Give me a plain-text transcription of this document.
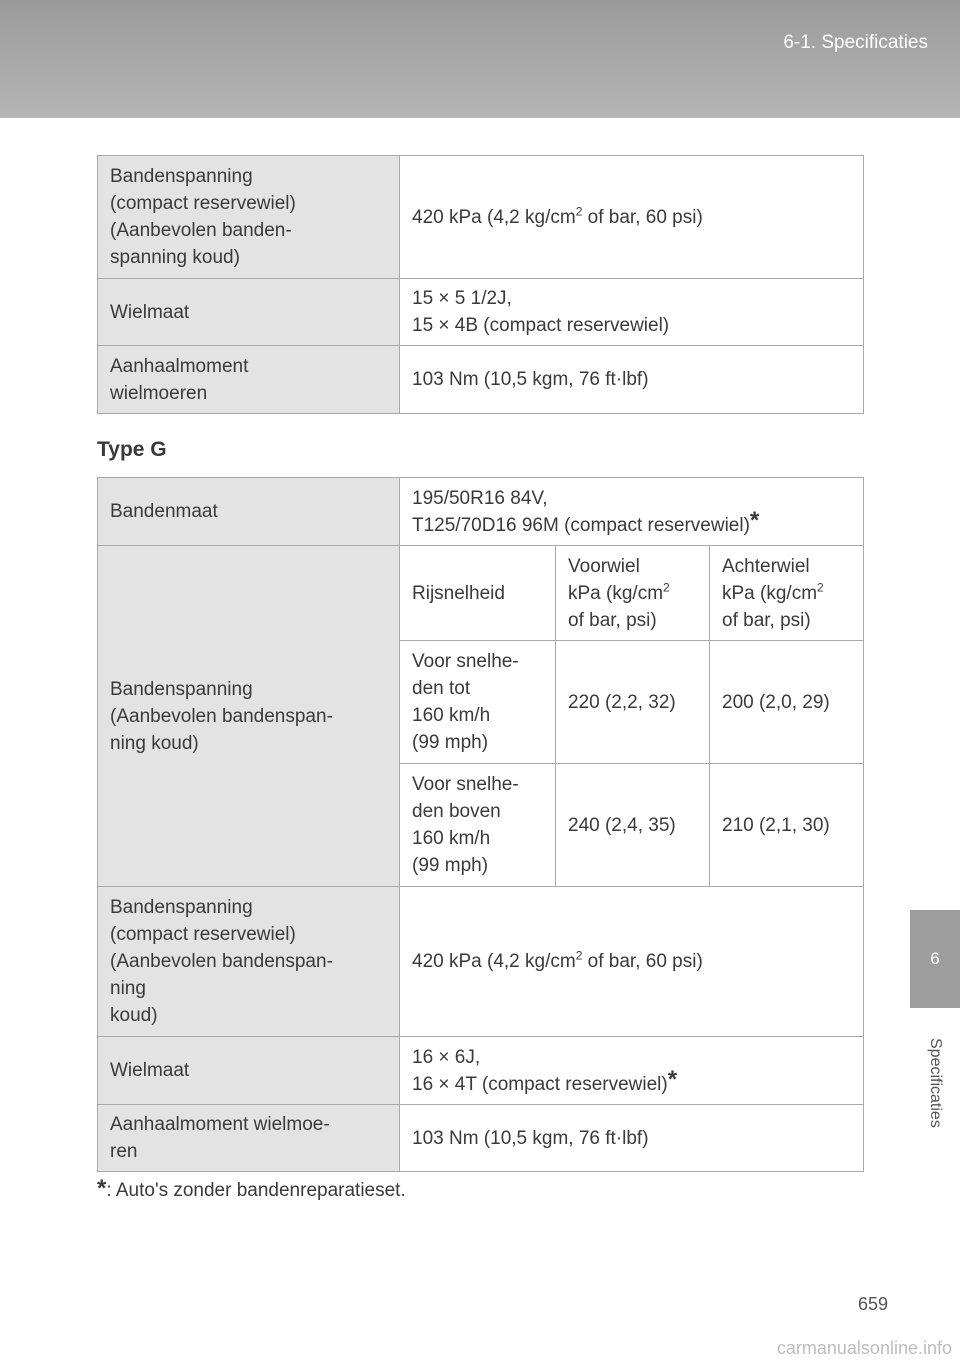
6-1. Specificaties
6
Specificaties
Bandenspanning
(compact reservewiel)
(Aanbevolen banden-
spanning koud)	420 kPa (4,2 $kg/cm^2$ of bar, 60 psi)
Wielmaat	15 × 5 1/2J,
15 × 4B (compact reservewiel)
Aanhaalmoment
wielmoeren	103 Nm (10,5 kgm, 76 ft·lbf)
Type G
Bandenmaat	195/50R16 84V,
T125/70D16 96M (compact reservewiel)*		
Bandenspanning
(Aanbevolen bandenspan-
ning koud)	Rijsnelheid	Voorwiel
kPa ($kg/cm^2$
of bar, psi)	Achterwiel
kPa ($kg/cm^2$
of bar, psi)
	Voor snelhe-
den tot
160 km/h
(99 mph)	220 (2,2, 32)	200 (2,0, 29)
	Voor snelhe-
den boven
160 km/h
(99 mph)	240 (2,4, 35)	210 (2,1, 30)
Bandenspanning
(compact reservewiel)
(Aanbevolen bandenspan-
ning
koud)	420 kPa (4,2 $kg/cm^2$ of bar, 60 psi)		
Wielmaat	16 × 6J,
16 × 4T (compact reservewiel)*		
Aanhaalmoment wielmoe-
ren	103 Nm (10,5 kgm, 76 ft·lbf)		
*: Auto's zonder bandenreparatieset.
659
carmanualsonline.info
